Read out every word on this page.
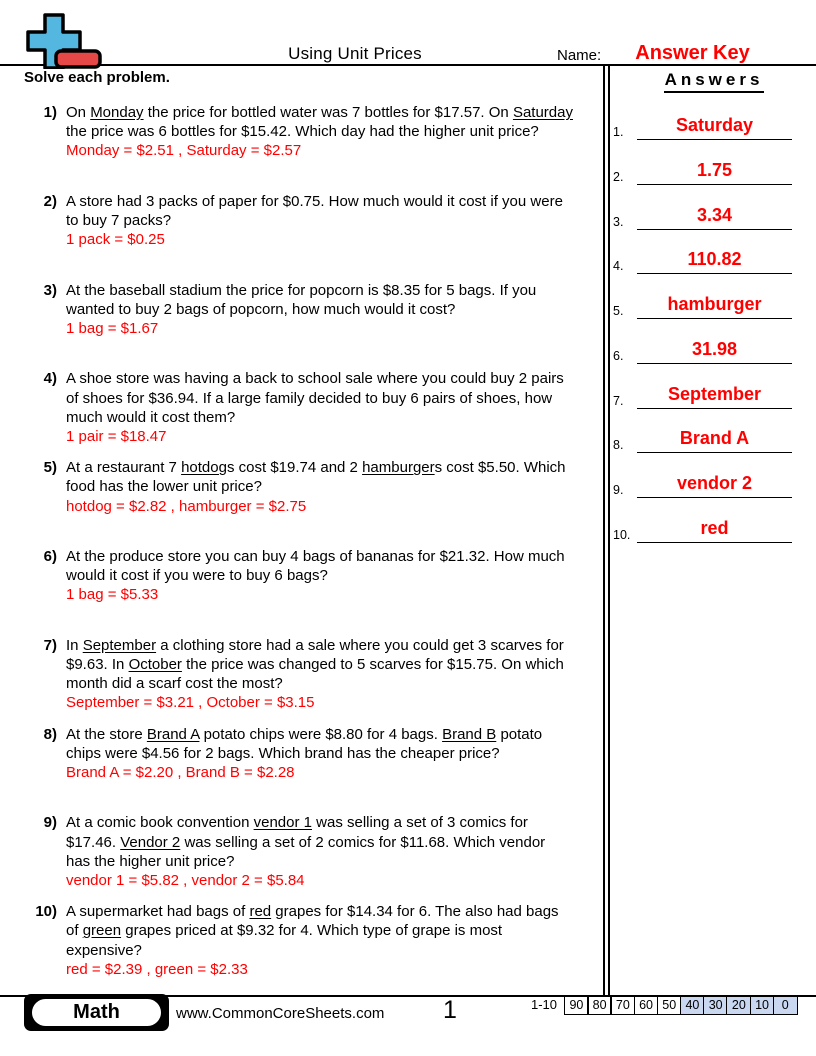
Using Unit Prices	Name:	Answer Key
Solve each problem.
1) On Monday the price for bottled water was 7 bottles for $17.57. On Saturday
the price was 6 bottles for $15.42. Which day had the higher unit price?
Monday = $2.51 , Saturday = $2.57
2) A store had 3 packs of paper for $0.75. How much would it cost if you were
to buy 7 packs?
1 pack = $0.25
3) At the baseball stadium the price for popcorn is $8.35 for 5 bags. If you
wanted to buy 2 bags of popcorn, how much would it cost?
1 bag = $1.67
4) A shoe store was having a back to school sale where you could buy 2 pairs
of shoes for $36.94. If a large family decided to buy 6 pairs of shoes, how
much would it cost them?
1 pair = $18.47
5) At a restaurant 7 hotdogs cost $19.74 and 2 hamburgers cost $5.50. Which
food has the lower unit price?
hotdog = $2.82 , hamburger = $2.75
6) At the produce store you can buy 4 bags of bananas for $21.32. How much
would it cost if you were to buy 6 bags?
1 bag = $5.33
7) In September a clothing store had a sale where you could get 3 scarves for
$9.63. In October the price was changed to 5 scarves for $15.75. On which
month did a scarf cost the most?
September = $3.21 , October = $3.15
8) At the store Brand A potato chips were $8.80 for 4 bags. Brand B potato
chips were $4.56 for 2 bags. Which brand has the cheaper price?
Brand A = $2.20 , Brand B = $2.28
9) At a comic book convention vendor 1 was selling a set of 3 comics for
$17.46. Vendor 2 was selling a set of 2 comics for $11.68. Which vendor
has the higher unit price?
vendor 1 = $5.82 , vendor 2 = $5.84
10) A supermarket had bags of red grapes for $14.34 for 6. The also had bags
of green grapes priced at $9.32 for 4. Which type of grape is most
expensive?
red = $2.39 , green = $2.33
Answers
1.	Saturday
2.	1.75
3.	3.34
4.	110.82
5.	hamburger
6.	31.98
7.	September
8.	Brand A
9.	vendor 2
10.	red
Math	www.CommonCoreSheets.com	1	1-10 90 80 70 60 50 40 30 20 10	0
